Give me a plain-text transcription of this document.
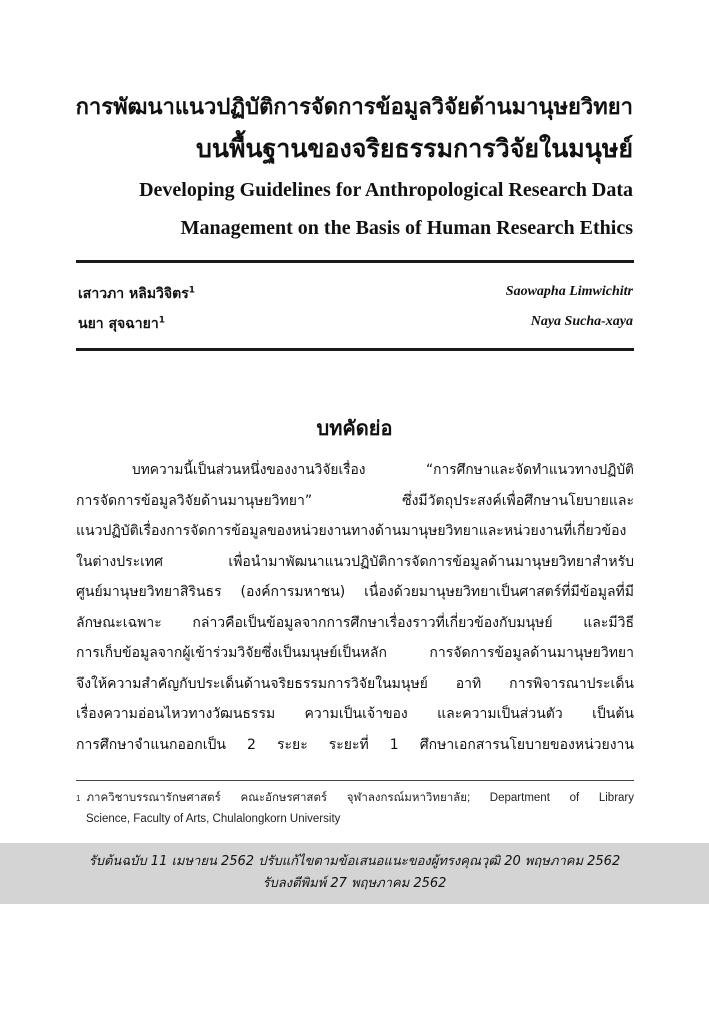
การพัฒนาแนวปฏิบัติการจัดการข้อมูลวิจัยด้านมานุษยวิทยา
บนพื้นฐานของจริยธรรมการวิจัยในมนุษย์
Developing Guidelines for Anthropological Research Data
Management on the Basis of Human Research Ethics
เสาวภา หลิมวิจิตร$^1$	Saowapha Limwichitr
นยา สุจฉายา$^1$	Naya Sucha-xaya
บทคัดย่อ
บทความนี้เป็นส่วนหนึ่งของงานวิจัยเรื่อง “การศึกษาและจัดทำแนวทางปฏิบัติ
การจัดการข้อมูลวิจัยด้านมานุษยวิทยา” ซึ่งมีวัตถุประสงค์เพื่อศึกษานโยบายและ
แนวปฏิบัติเรื่องการจัดการข้อมูลของหน่วยงานทางด้านมานุษยวิทยาและหน่วยงานที่เกี่ยวข้อง
ในต่างประเทศ เพื่อนำมาพัฒนาแนวปฏิบัติการจัดการข้อมูลด้านมานุษยวิทยาสำหรับ
ศูนย์มานุษยวิทยาสิรินธร (องค์การมหาชน) เนื่องด้วยมานุษยวิทยาเป็นศาสตร์ที่มีข้อมูลที่มี
ลักษณะเฉพาะ กล่าวคือเป็นข้อมูลจากการศึกษาเรื่องราวที่เกี่ยวข้องกับมนุษย์ และมีวิธี
การเก็บข้อมูลจากผู้เข้าร่วมวิจัยซึ่งเป็นมนุษย์เป็นหลัก การจัดการข้อมูลด้านมานุษยวิทยา
จึงให้ความสำคัญกับประเด็นด้านจริยธรรมการวิจัยในมนุษย์ อาทิ การพิจารณาประเด็น
เรื่องความอ่อนไหวทางวัฒนธรรม ความเป็นเจ้าของ และความเป็นส่วนตัว เป็นต้น
การศึกษาจำแนกออกเป็น 2 ระยะ ระยะที่ 1 ศึกษาเอกสารนโยบายของหน่วยงาน
$^1$ ภาควิชาบรรณารักษศาสตร์ คณะอักษรศาสตร์ จุฬาลงกรณ์มหาวิทยาลัย; Department of Library
Science, Faculty of Arts, Chulalongkorn University
รับต้นฉบับ 11 เมษายน 2562 ปรับแก้ไขตามข้อเสนอแนะของผู้ทรงคุณวุฒิ 20 พฤษภาคม 2562
รับลงตีพิมพ์ 27 พฤษภาคม 2562
